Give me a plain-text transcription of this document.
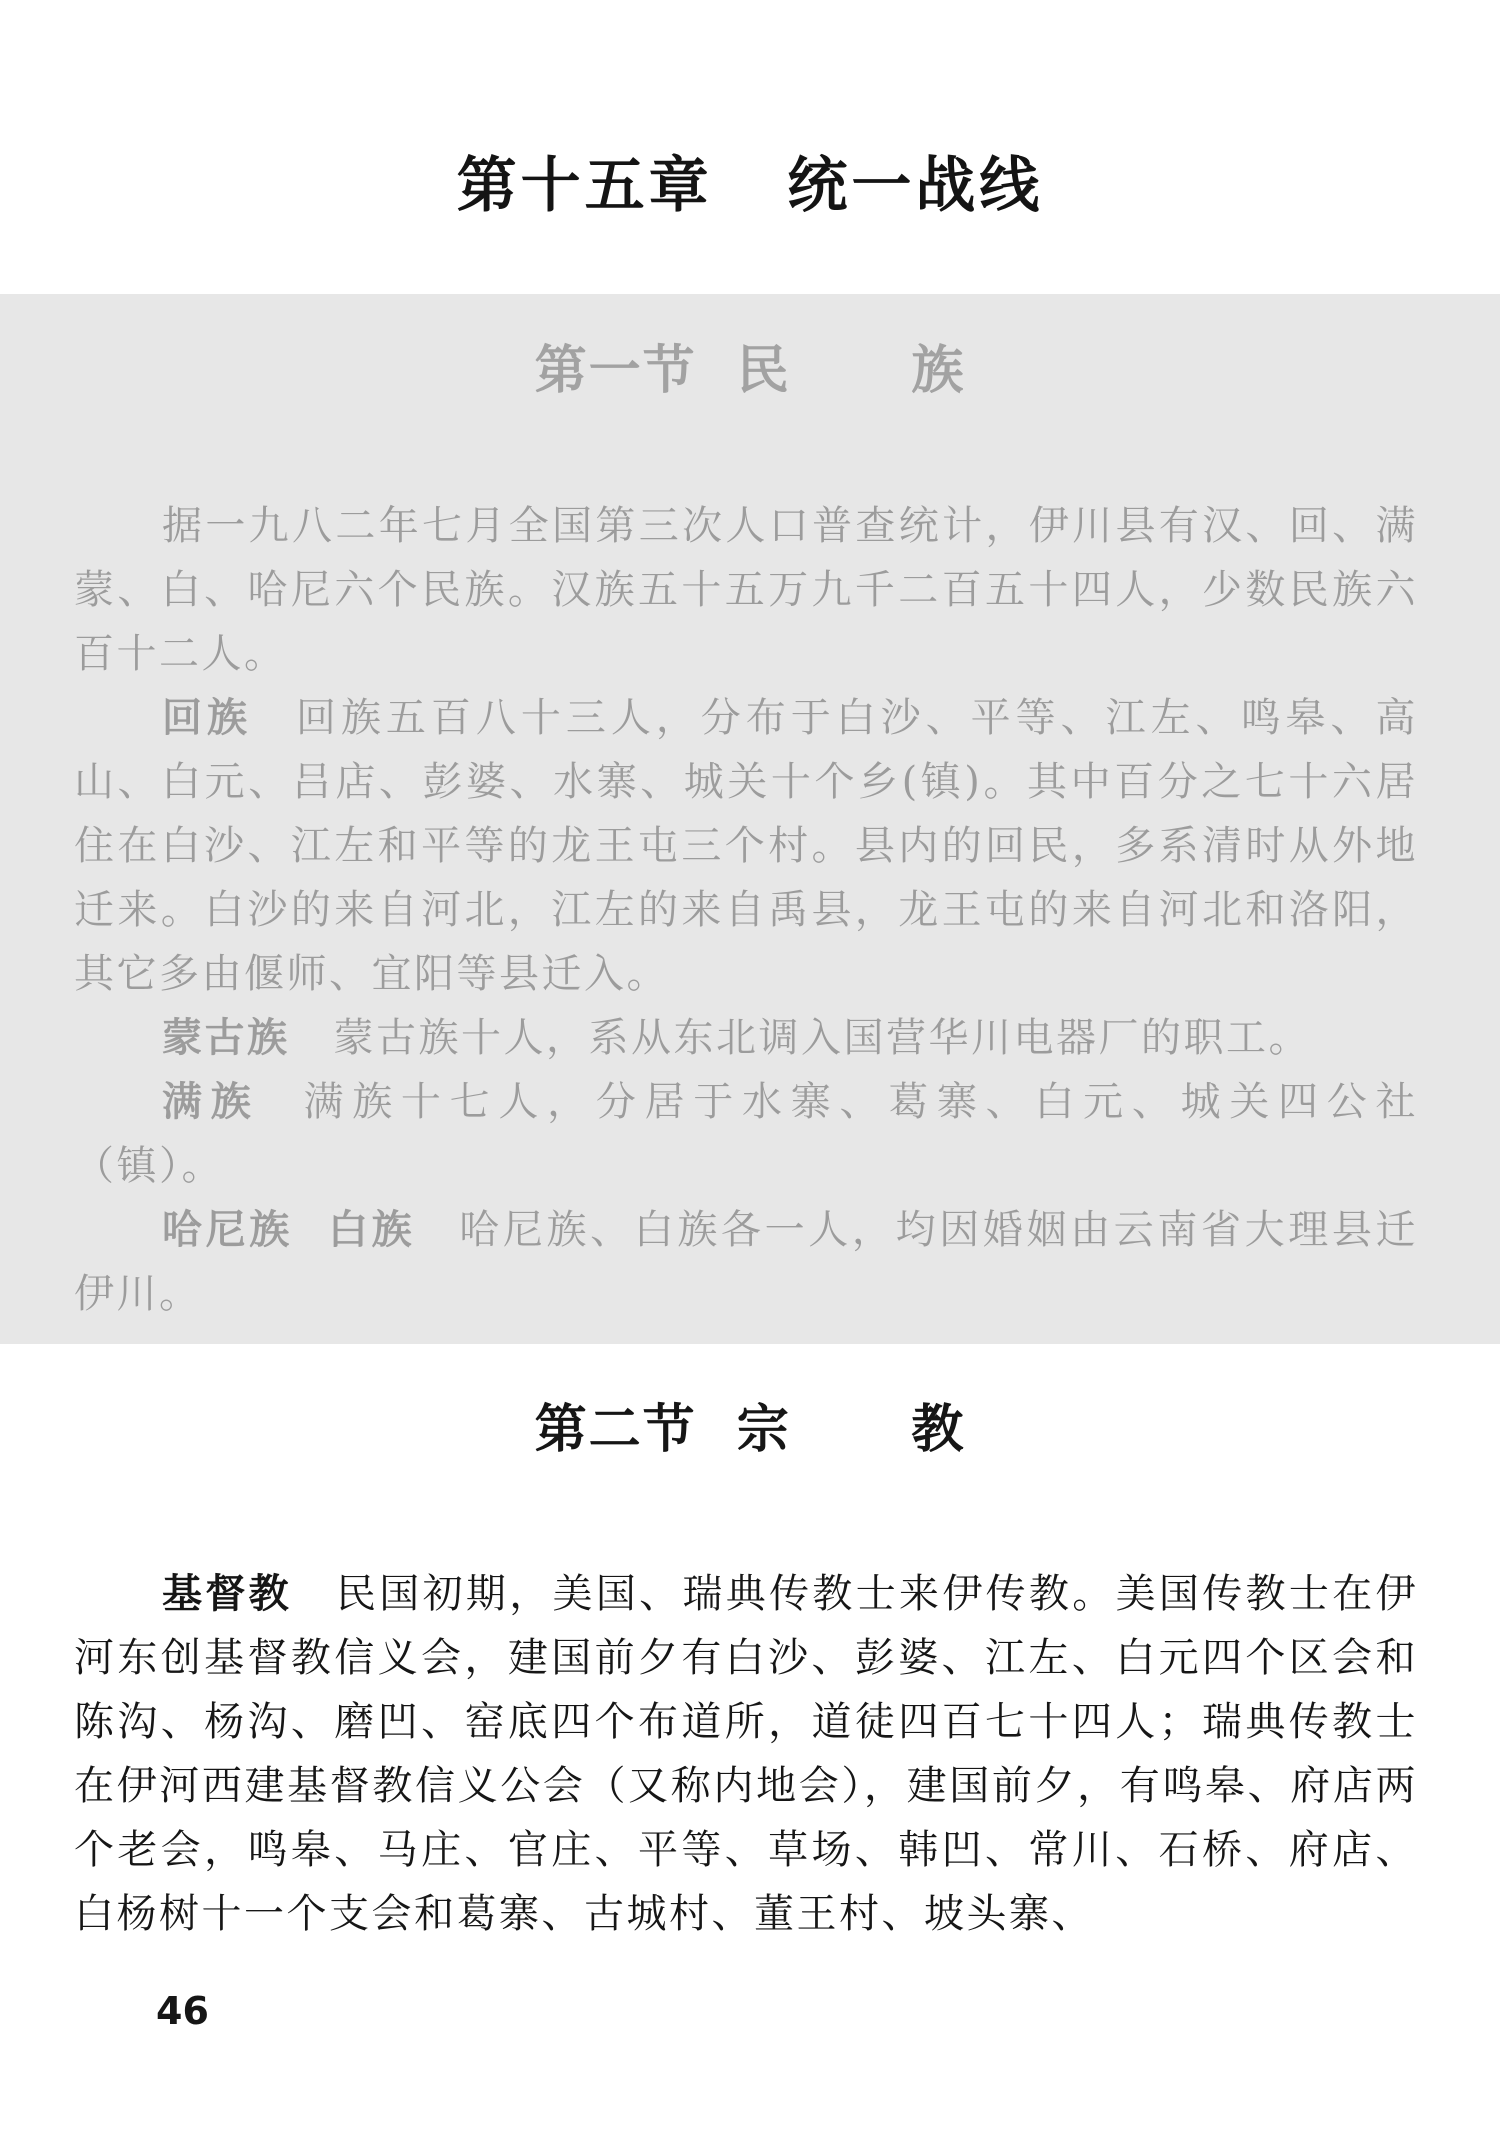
第十五章   统一战线
第一节  民      族

据一九八二年七月全国第三次人口普查统计，伊川县有汉、回、满 蒙、白、哈尼六个民族。汉族五十五万九千二百五十四人，少数民族六百十二人。

回族 回族五百八十三人，分布于白沙、平等、江左、鸣皋、高山、白元、吕店、彭婆、水寨、城关十个乡(镇)。其中百分之七十六居住在白沙、江左和平等的龙王屯三个村。县内的回民，多系清时从外地迁来。白沙的来自河北，江左的来自禹县，龙王屯的来自河北和洛阳，其它多由偃师、宜阳等县迁入。

蒙古族 蒙古族十人，系从东北调入国营华川电器厂的职工。

满族 满族十七人，分居于水寨、葛寨、白元、城关四公社（镇）。

哈尼族  白族 哈尼族、白族各一人，均因婚姻由云南省大理县迁伊川。

第二节  宗      教

基督教 民国初期，美国、瑞典传教士来伊传教。美国传教士在伊河东创基督教信义会，建国前夕有白沙、彭婆、江左、白元四个区会和陈沟、杨沟、磨凹、窑底四个布道所，道徒四百七十四人；瑞典传教士在伊河西建基督教信义公会（又称内地会），建国前夕，有鸣皋、府店两个老会，鸣皋、马庄、官庄、平等、草场、韩凹、常川、石桥、府店、白杨树十一个支会和葛寨、古城村、董王村、坡头寨、

46
